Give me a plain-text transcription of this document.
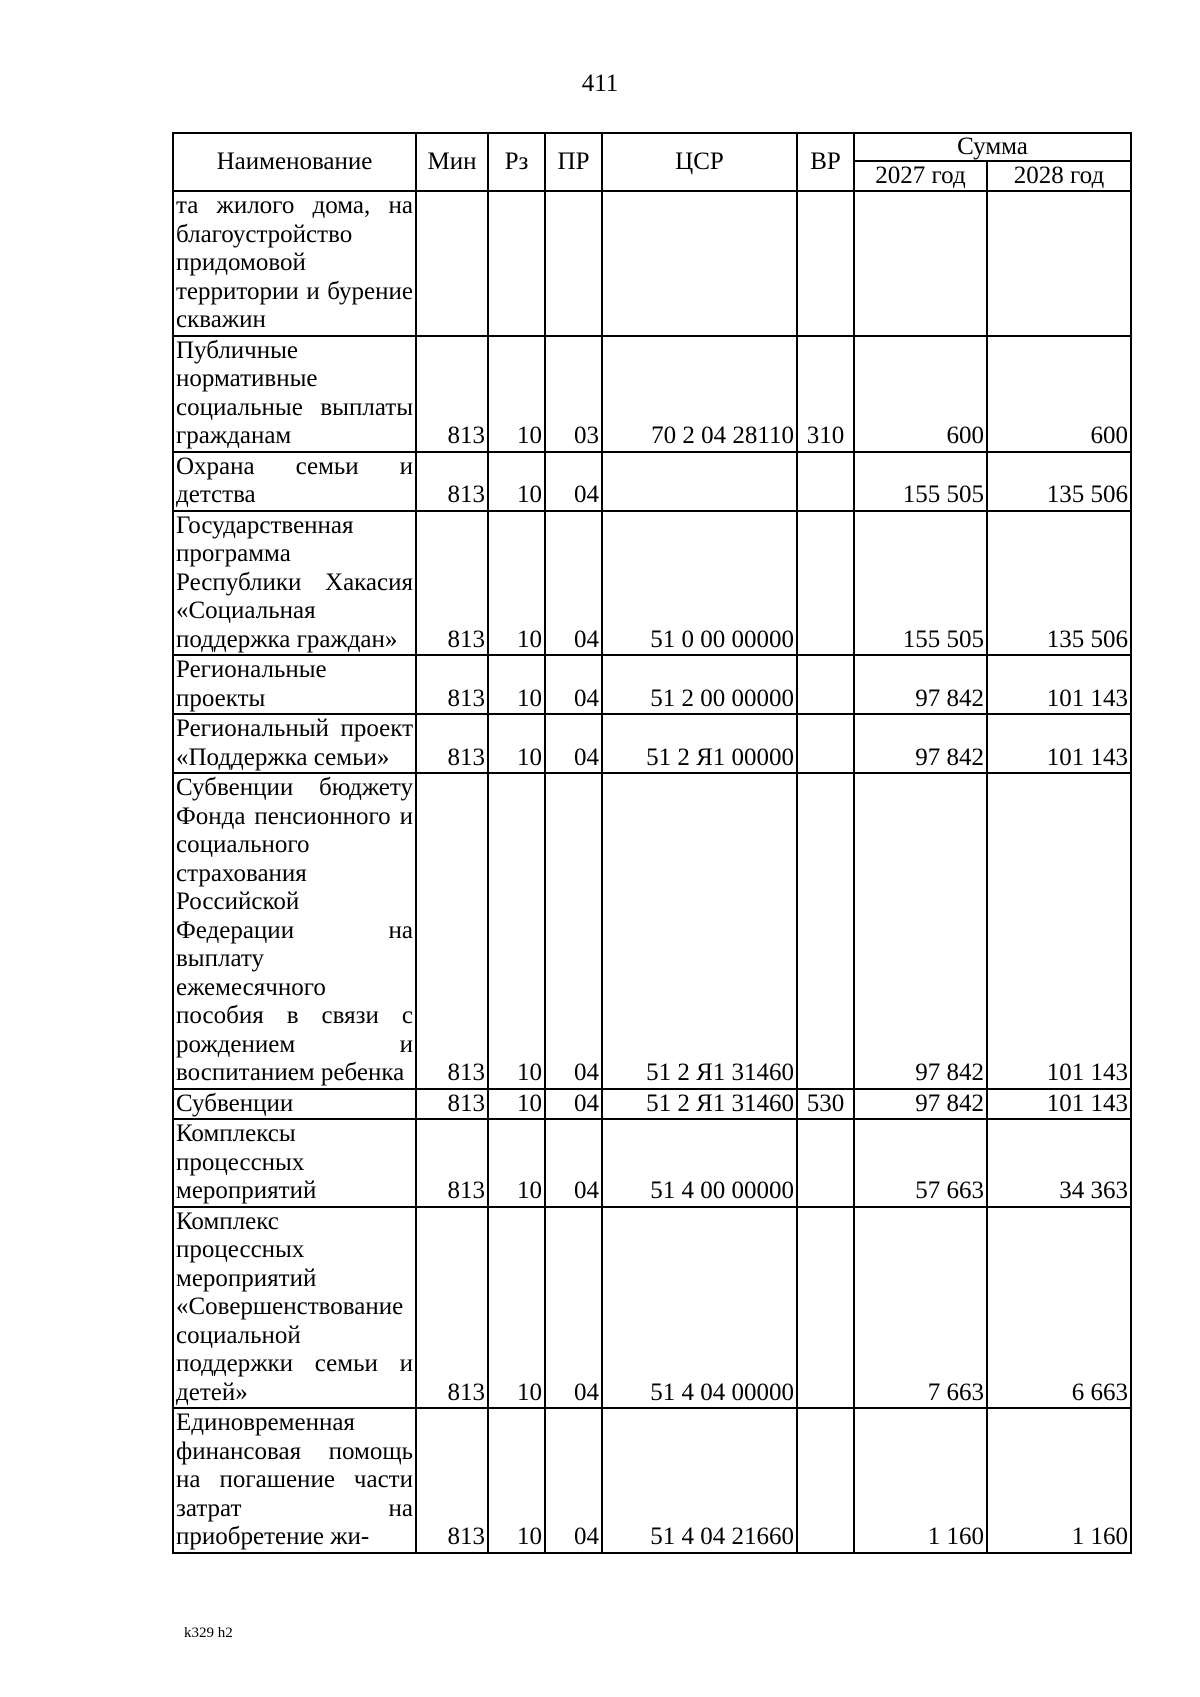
411
Наименование	Мин	Рз	ПР	ЦСР	ВР	Сумма	
						2027 год	2028 год
та жилого дома, на благоустройство придомовой территории и бурение скважин							
Публичные нормативные социальные выплаты гражданам	813	10	03	70 2 04 28110	310	600	600
Охрана семьи и детства	813	10	04			155 505	135 506
Государственная программа Республики Хакасия «Социальная поддержка граждан»	813	10	04	51 0 00 00000		155 505	135 506
Региональные проекты	813	10	04	51 2 00 00000		97 842	101 143
Региональный проект «Поддержка семьи»	813	10	04	51 2 Я1 00000		97 842	101 143
Субвенции бюджету Фонда пенсионного и социального страхования Российской Федерации на выплату ежемесячного пособия в связи с рождением и воспитанием ребенка	813	10	04	51 2 Я1 31460		97 842	101 143
Субвенции	813	10	04	51 2 Я1 31460	530	97 842	101 143
Комплексы процессных мероприятий	813	10	04	51 4 00 00000		57 663	34 363
Комплекс процессных мероприятий «Совершенствование социальной поддержки семьи и детей»	813	10	04	51 4 04 00000		7 663	6 663
Единовременная финансовая помощь на погашение части затрат на приобретение жи-	813	10	04	51 4 04 21660		1 160	1 160
k329 h2
